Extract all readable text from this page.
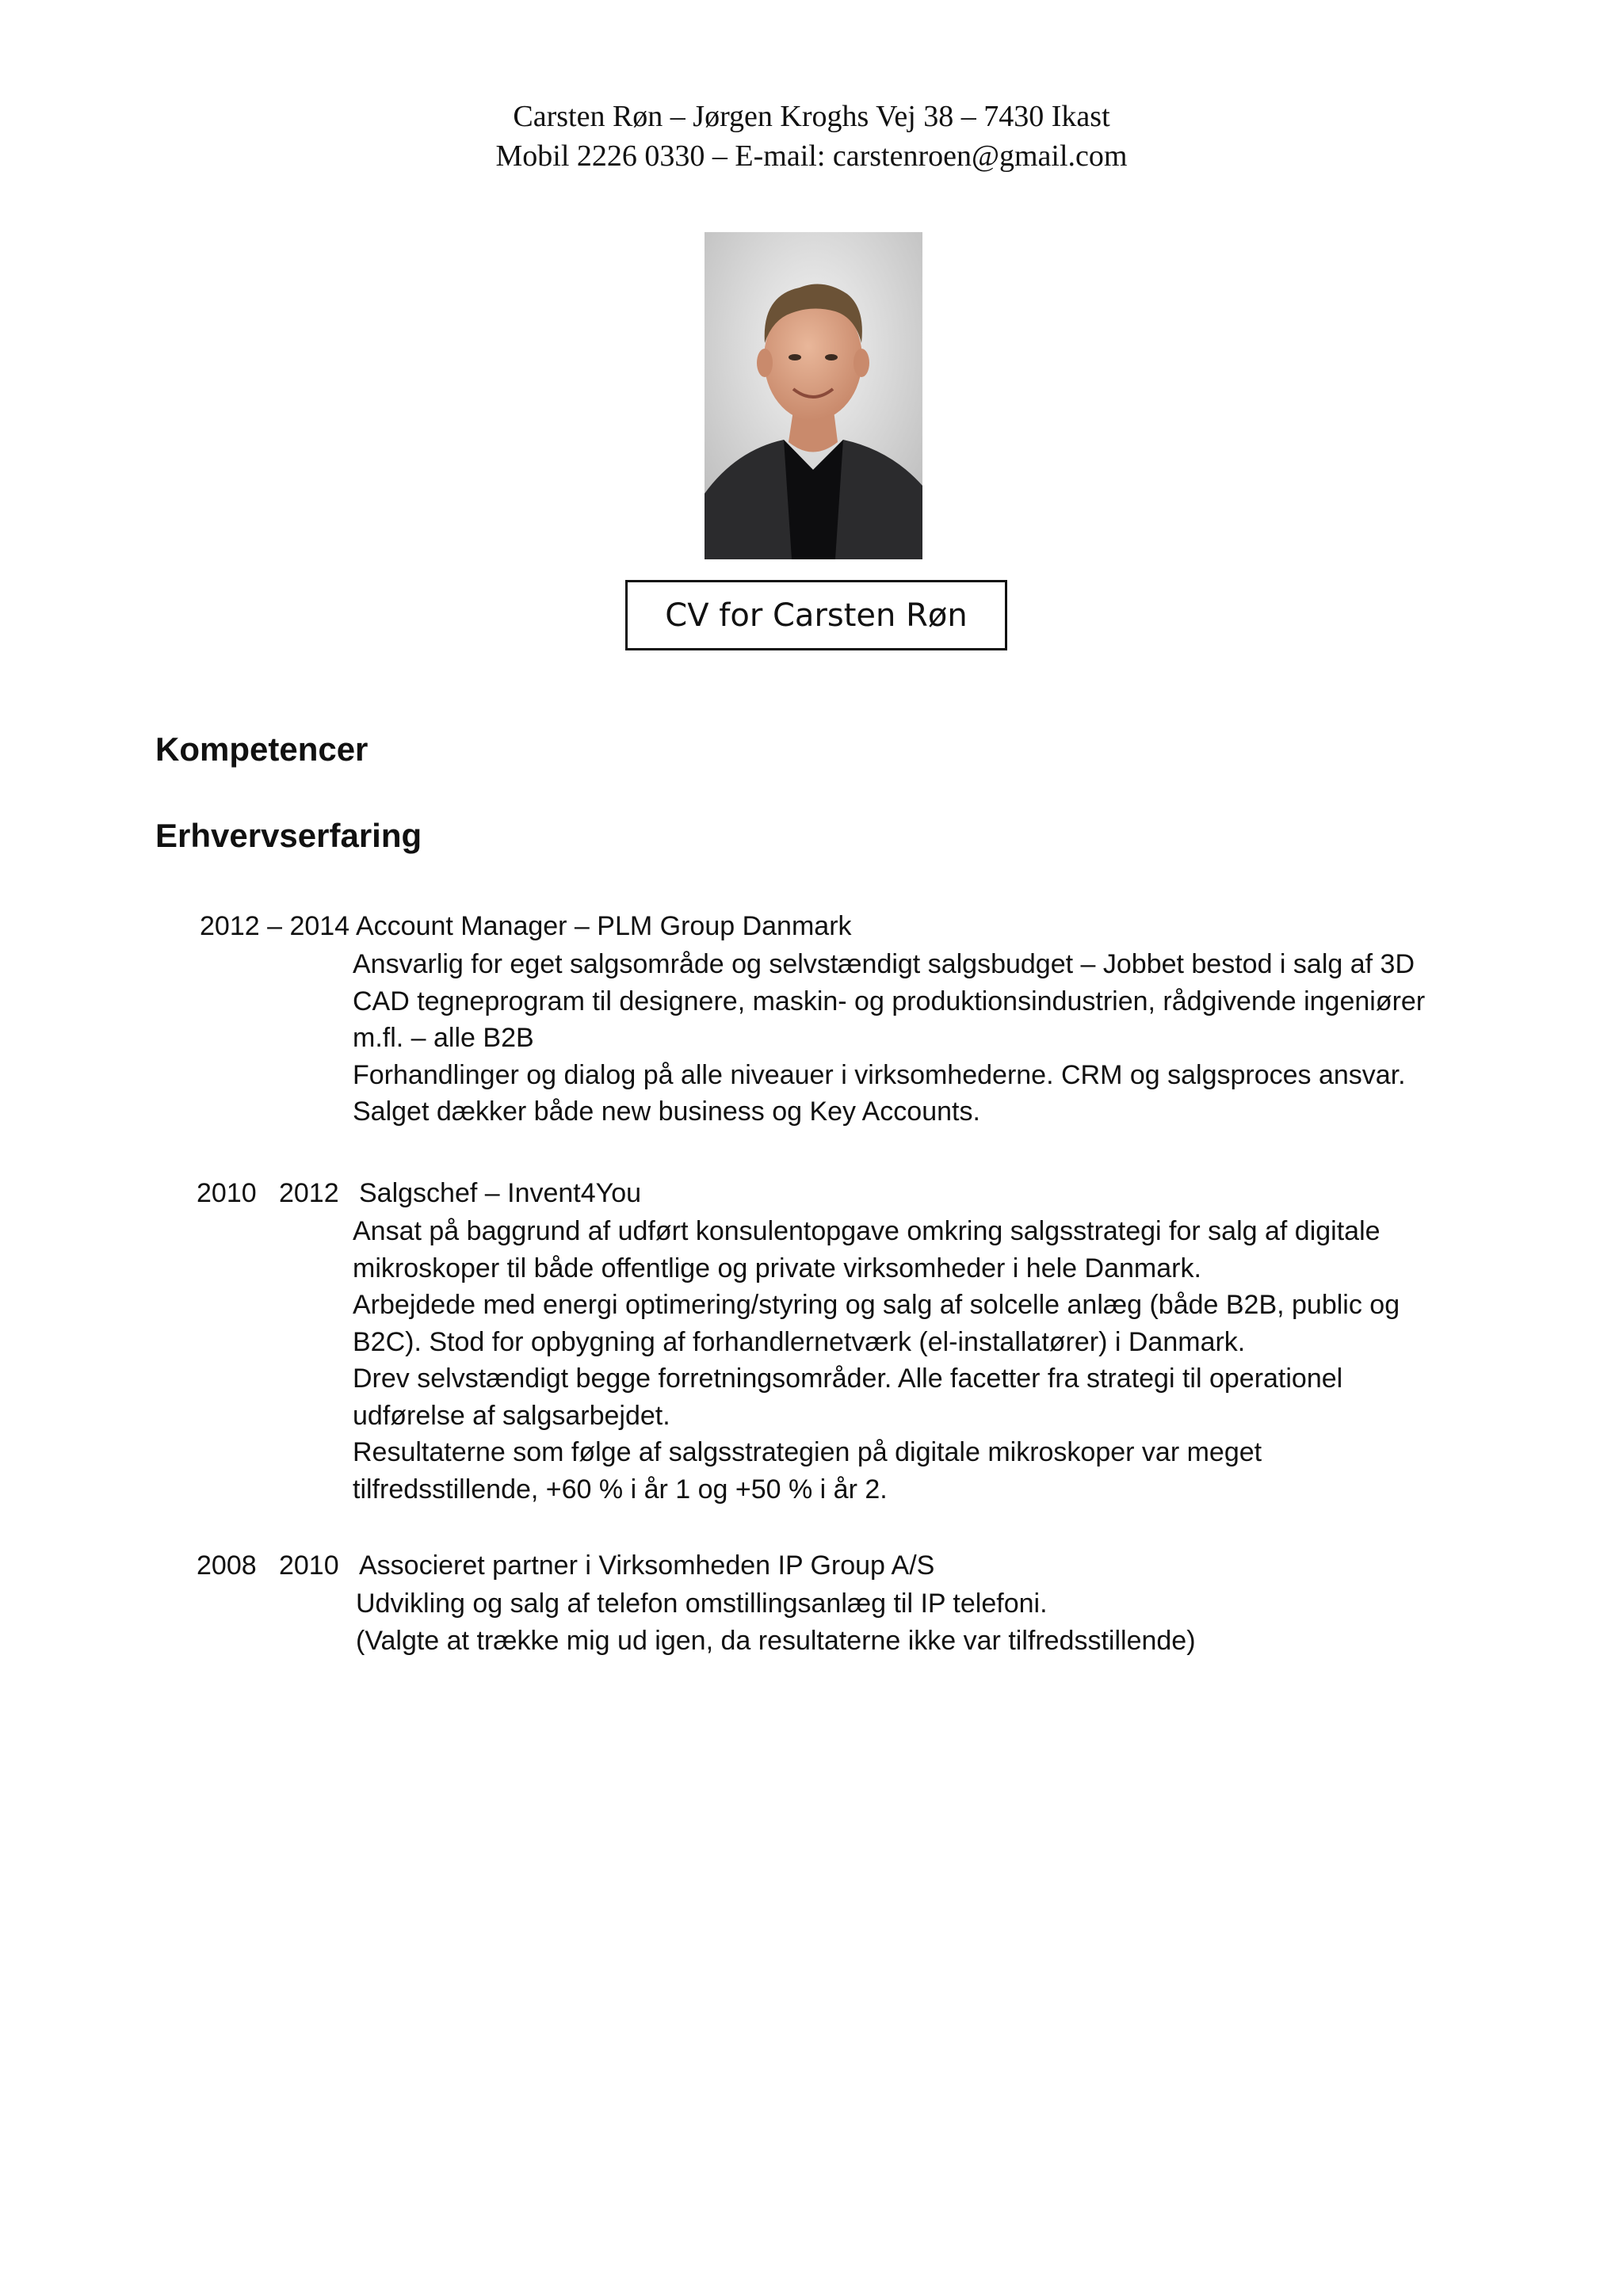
Carsten Røn – Jørgen Kroghs Vej 38 – 7430 Ikast
Mobil 2226 0330 – E-mail: carstenroen@gmail.com
CV for Carsten Røn
Kompetencer
Erhvervserfaring
2012 – 2014 Account Manager – PLM Group Danmark
Ansvarlig for eget salgsområde og selvstændigt salgsbudget – Jobbet bestod i salg af 3D
CAD tegneprogram til designere, maskin- og produktionsindustrien, rådgivende ingeniører
m.fl. – alle B2B
Forhandlinger og dialog på alle niveauer i virksomhederne. CRM og salgsproces ansvar.
Salget dækker både new business og Key Accounts.
2010   2012 Salgschef – Invent4You
Ansat på baggrund af udført konsulentopgave omkring salgsstrategi for salg af digitale
mikroskoper til både offentlige og private virksomheder i hele Danmark.
Arbejdede med energi optimering/styring og salg af solcelle anlæg (både B2B, public og
B2C). Stod for opbygning af forhandlernetværk (el-installatører) i Danmark.
Drev selvstændigt begge forretningsområder. Alle facetter fra strategi til operationel
udførelse af salgsarbejdet.
Resultaterne som følge af salgsstrategien på digitale mikroskoper var meget
tilfredsstillende, +60 % i år 1 og +50 % i år 2.
2008   2010 Associeret partner i Virksomheden IP Group A/S
Udvikling og salg af telefon omstillingsanlæg til IP telefoni.
(Valgte at trække mig ud igen, da resultaterne ikke var tilfredsstillende)
